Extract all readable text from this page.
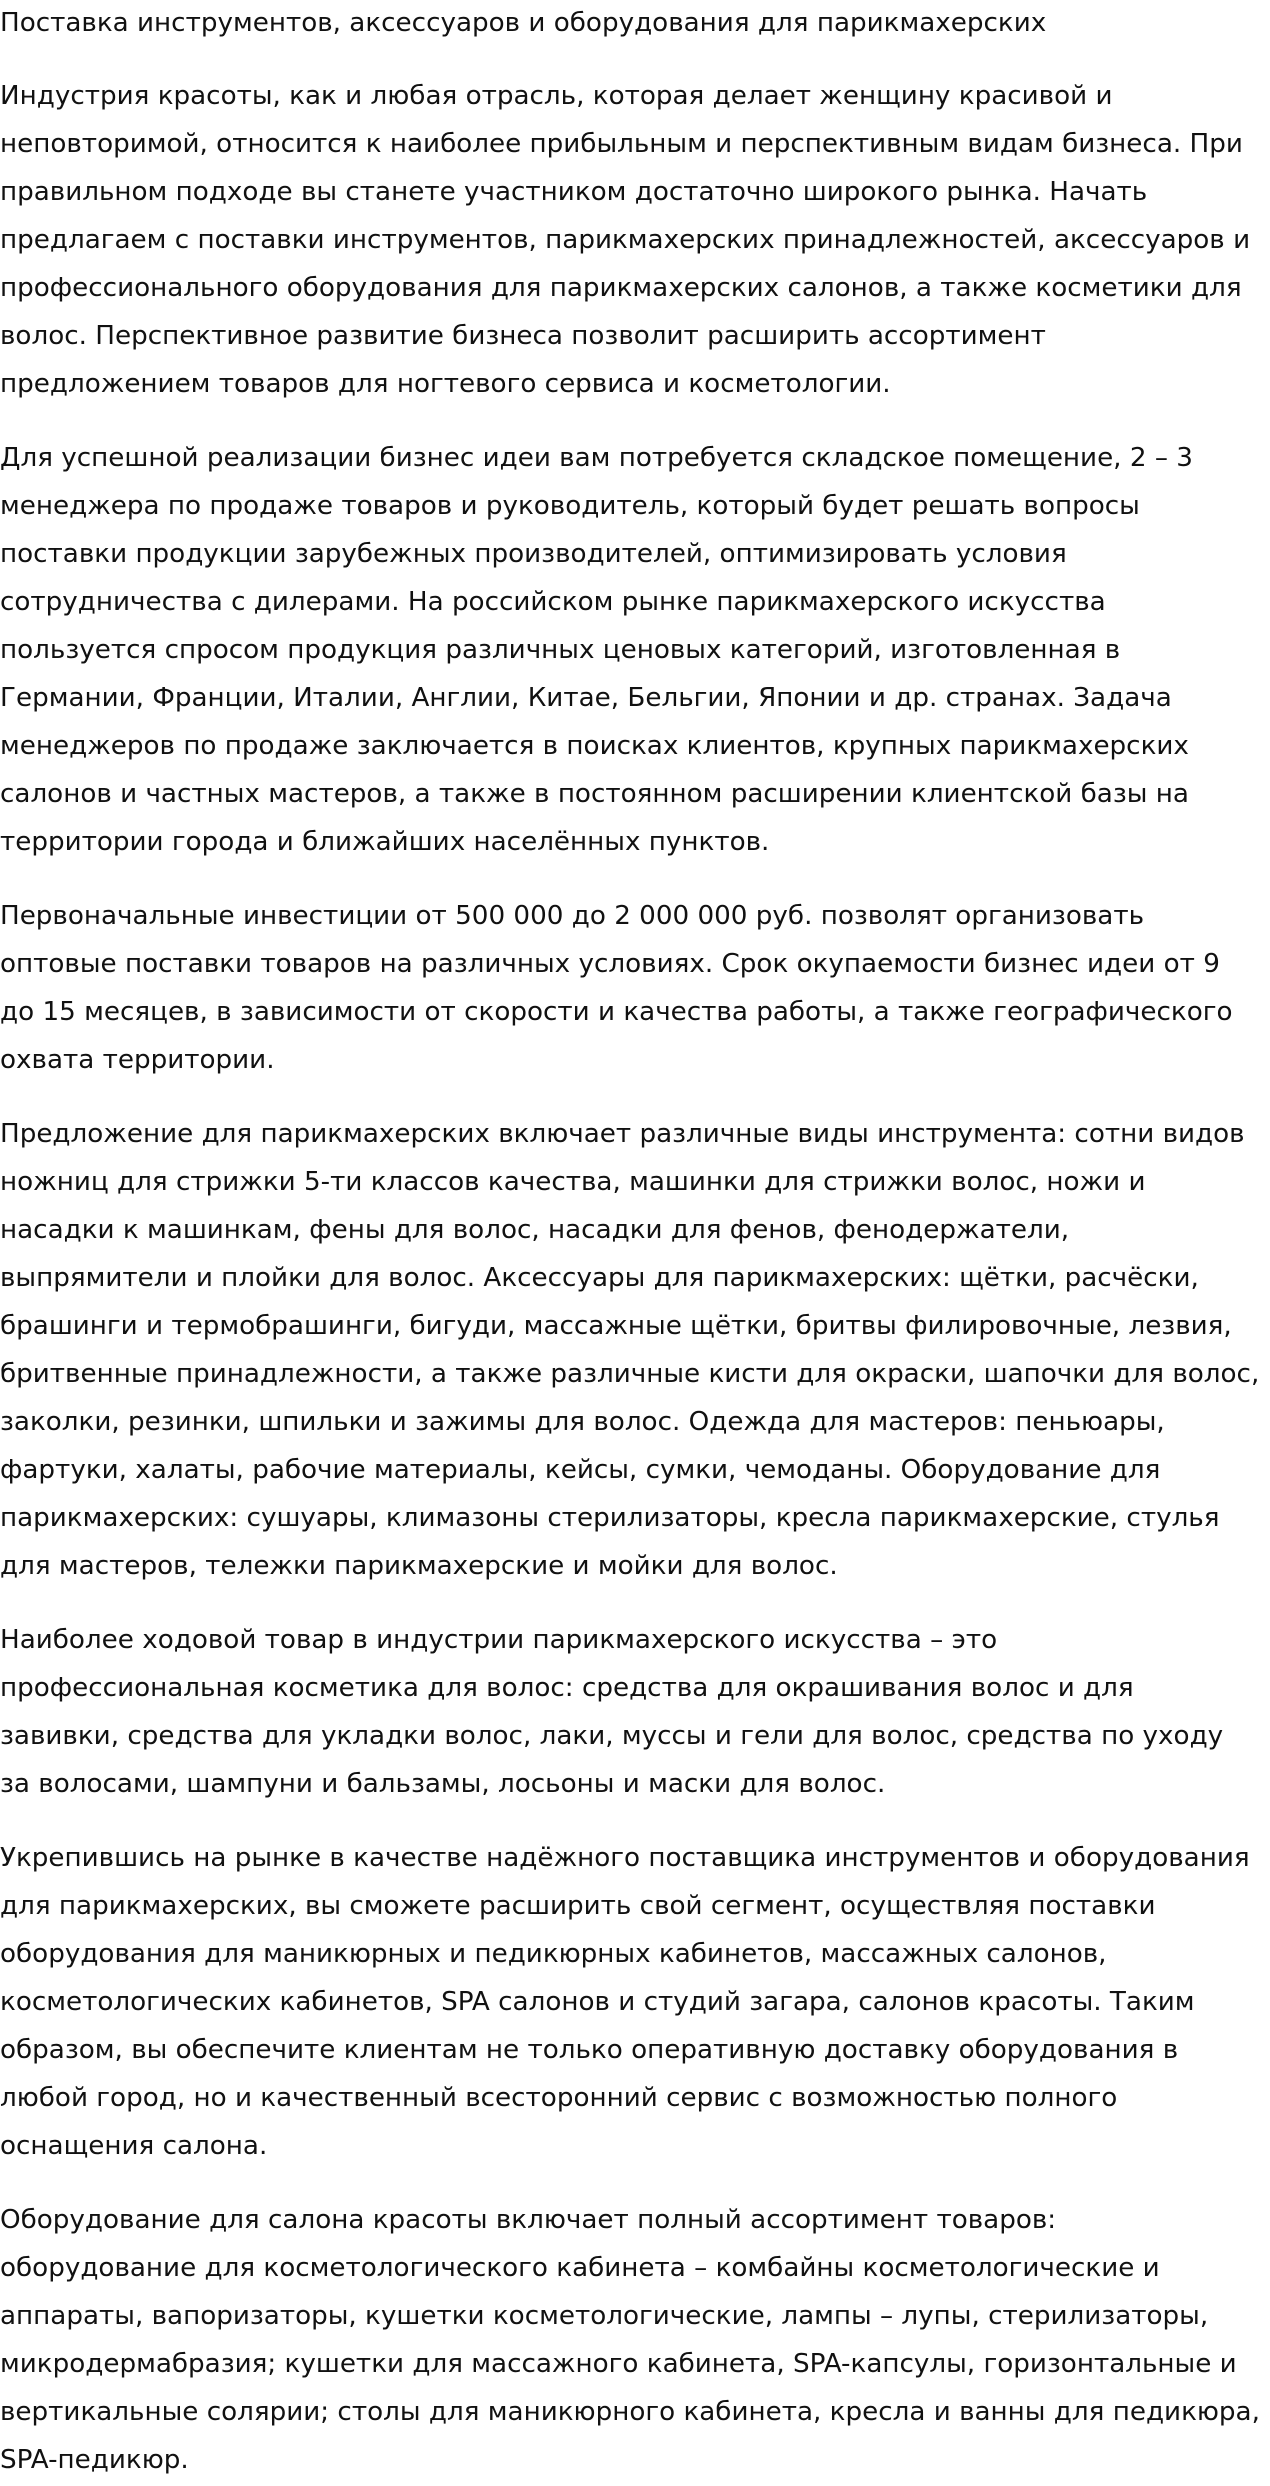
Поставка инструментов, аксессуаров и оборудования для парикмахерских

Индустрия красоты, как и любая отрасль, которая делает женщину красивой и неповторимой, относится к наиболее прибыльным и перспективным видам бизнеса. При правильном подходе вы станете участником достаточно широкого рынка. Начать предлагаем с поставки инструментов, парикмахерских принадлежностей, аксессуаров и профессионального оборудования для парикмахерских салонов, а также косметики для волос. Перспективное развитие бизнеса позволит расширить ассортимент предложением товаров для ногтевого сервиса и косметологии.

Для успешной реализации бизнес идеи вам потребуется складское помещение, 2 – 3 менеджера по продаже товаров и руководитель, который будет решать вопросы поставки продукции зарубежных производителей, оптимизировать условия сотрудничества с дилерами. На российском рынке парикмахерского искусства пользуется спросом продукция различных ценовых категорий, изготовленная в Германии, Франции, Италии, Англии, Китае, Бельгии, Японии и др. странах. Задача менеджеров по продаже заключается в поисках клиентов, крупных парикмахерских салонов и частных мастеров, а также в постоянном расширении клиентской базы на территории города и ближайших населённых пунктов.

Первоначальные инвестиции от 500 000 до 2 000 000 руб. позволят организовать оптовые поставки товаров на различных условиях. Срок окупаемости бизнес идеи от 9 до 15 месяцев, в зависимости от скорости и качества работы, а также географического охвата территории.

Предложение для парикмахерских включает различные виды инструмента: сотни видов ножниц для стрижки 5-ти классов качества, машинки для стрижки волос, ножи и насадки к машинкам, фены для волос, насадки для фенов, фенодержатели, выпрямители и плойки для волос. Аксессуары для парикмахерских: щётки, расчёски, брашинги и термобрашинги, бигуди, массажные щётки, бритвы филировочные, лезвия, бритвенные принадлежности, а также различные кисти для окраски, шапочки для волос, заколки, резинки, шпильки и зажимы для волос. Одежда для мастеров: пеньюары, фартуки, халаты, рабочие материалы, кейсы, сумки, чемоданы. Оборудование для парикмахерских: сушуары, климазоны стерилизаторы, кресла парикмахерские, стулья для мастеров, тележки парикмахерские и мойки для волос.

Наиболее ходовой товар в индустрии парикмахерского искусства – это профессиональная косметика для волос: средства для окрашивания волос и для завивки, средства для укладки волос, лаки, муссы и гели для волос, средства по уходу за волосами, шампуни и бальзамы, лосьоны и маски для волос.

Укрепившись на рынке в качестве надёжного поставщика инструментов и оборудования для парикмахерских, вы сможете расширить свой сегмент, осуществляя поставки оборудования для маникюрных и педикюрных кабинетов, массажных салонов, косметологических кабинетов, SPA салонов и студий загара, салонов красоты. Таким образом, вы обеспечите клиентам не только оперативную доставку оборудования в любой город, но и качественный всесторонний сервис с возможностью полного оснащения салона.

Оборудование для салона красоты включает полный ассортимент товаров: оборудование для косметологического кабинета – комбайны косметологические и аппараты, вапоризаторы, кушетки косметологические, лампы – лупы, стерилизаторы, микродермабразия; кушетки для массажного кабинета, SPA-капсулы, горизонтальные и вертикальные солярии; столы для маникюрного кабинета, кресла и ванны для педикюра, SPA-педикюр.
